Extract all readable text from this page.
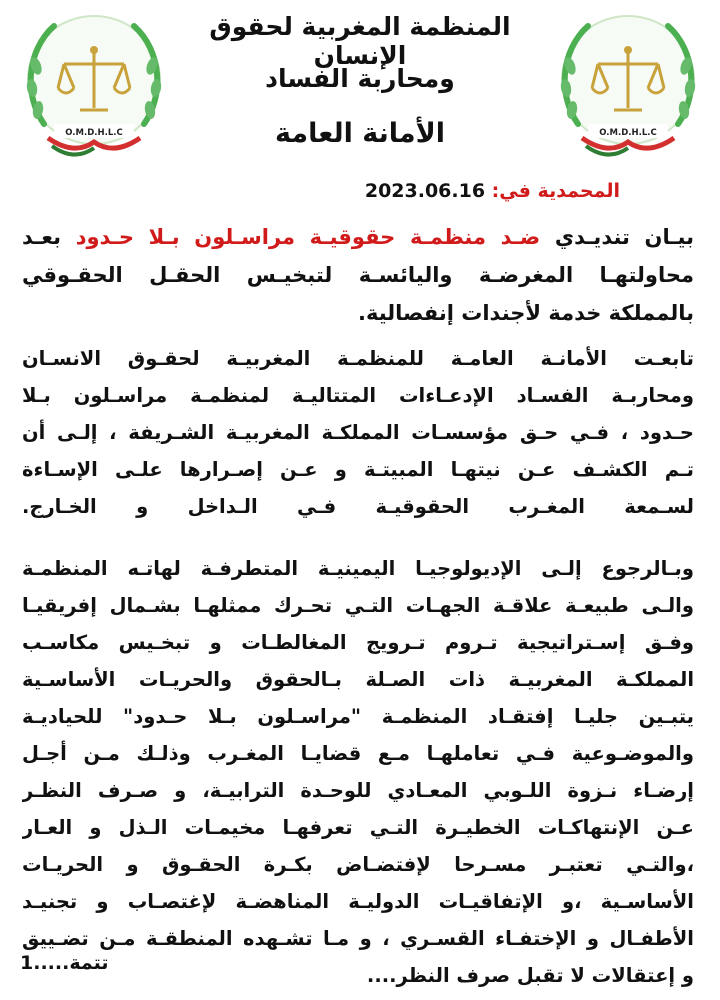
O.M.D.H.L.C	O.M.D.H.L.C
المنظمة المغربية لحقوق الإنسان
ومحاربة الفساد
الأمانة العامة
المحمدية في: 2023.06.16
بيـان تنديـدي ضـد منظمـة حقوقيـة مراسـلون بـلا حـدود بعـد
محاولتهـا المغرضـة واليائسـة لتبخيـس الحقـل الحقـوقي
بالمملكة خدمة لأجندات إنفصالية.
تابعـت الأمانـة العامـة للمنظمـة المغربيـة لحقـوق الانسـان
ومحاربـة الفسـاد الإدعـاءات المتتاليـة لمنظمـة مراسـلون بـلا
حـدود ، فـي حـق مؤسسـات المملكـة المغربيـة الشـريفة ، إلـى أن
تـم الكشـف عـن نيتهـا المبيتـة و عـن إصـرارها علـى الإسـاءة
لسـمعة المغـرب الحقوقيـة فـي الـداخل و الخـارج.
وبـالرجوع إلـى الإديولوجيـا اليمينيـة المتطرفـة لهاتـه المنظمـة
والـى طبيعـة علاقـة الجهـات التـي تحـرك ممثلهـا بشـمال إفريقيـا
وفـق إسـتراتيجية تـروم تـرويج المغالطـات و تبخـيس مكاسـب
المملكـة المغربيـة ذات الصـلة بـالحقوق والحريـات الأساسـية
يتبـين جليـا إفتقـاد المنظمـة "مراسـلون بـلا حـدود" للحياديـة
والموضـوعية فـي تعاملهـا مـع قضايـا المغـرب وذلـك مـن أجـل
إرضـاء نـزوة اللـوبي المعـادي للوحـدة الترابيـة، و صـرف النظـر
عـن الإنتهاكـات الخطيـرة التـي تعرفهـا مخيمـات الـذل و العـار
،والتـي تعتبـر مسـرحا لإفتضـاض بكـرة الحقـوق و الحريـات
الأساسـية ،و الإتفاقيـات الدوليـة المناهضـة لإغتصـاب و تجنيـد
الأطفـال و الإختفـاء القسـري ، و مـا تشـهده المنطقـة مـن تضـييق
و إعتقالات لا تقبل صرف النظر....
تتمة.....1
